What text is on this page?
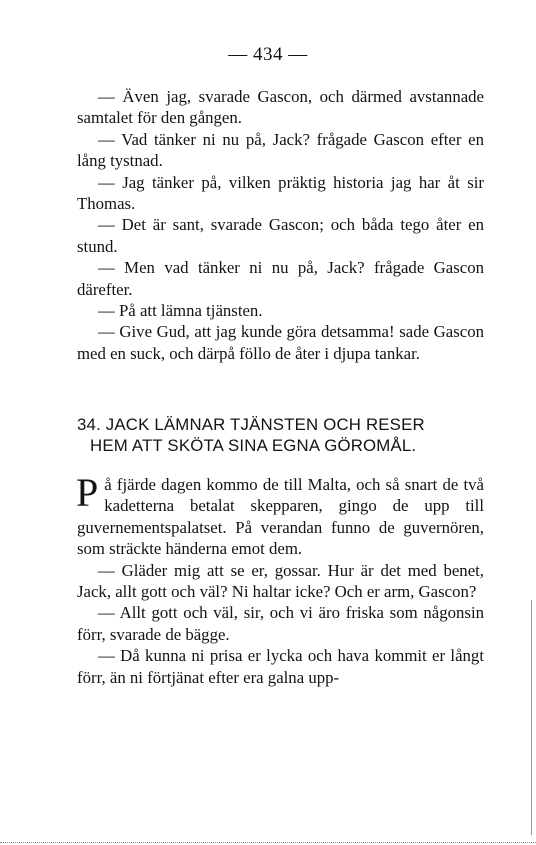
— 434 —

— Även jag, svarade Gascon, och därmed avstannade samtalet för den gången.

— Vad tänker ni nu på, Jack? frågade Gascon efter en lång tystnad.

— Jag tänker på, vilken präktig historia jag har åt sir Thomas.

— Det är sant, svarade Gascon; och båda tego åter en stund.

— Men vad tänker ni nu på, Jack? frågade Gascon därefter.

— På att lämna tjänsten.

— Give Gud, att jag kunde göra detsamma! sade Gascon med en suck, och därpå föllo de åter i djupa tankar.

34. JACK LÄMNAR TJÄNSTEN OCH RESER
HEM ATT SKÖTA SINA EGNA GÖROMÅL.

På fjärde dagen kommo de till Malta, och så snart de två kadetterna betalat skepparen, gingo de upp till guvernementspalatset. På verandan funno de guvernören, som sträckte händerna emot dem.

— Gläder mig att se er, gossar. Hur är det med benet, Jack, allt gott och väl? Ni haltar icke? Och er arm, Gascon?

— Allt gott och väl, sir, och vi äro friska som någonsin förr, svarade de bägge.

— Då kunna ni prisa er lycka och hava kommit er långt förr, än ni förtjänat efter era galna upp-
